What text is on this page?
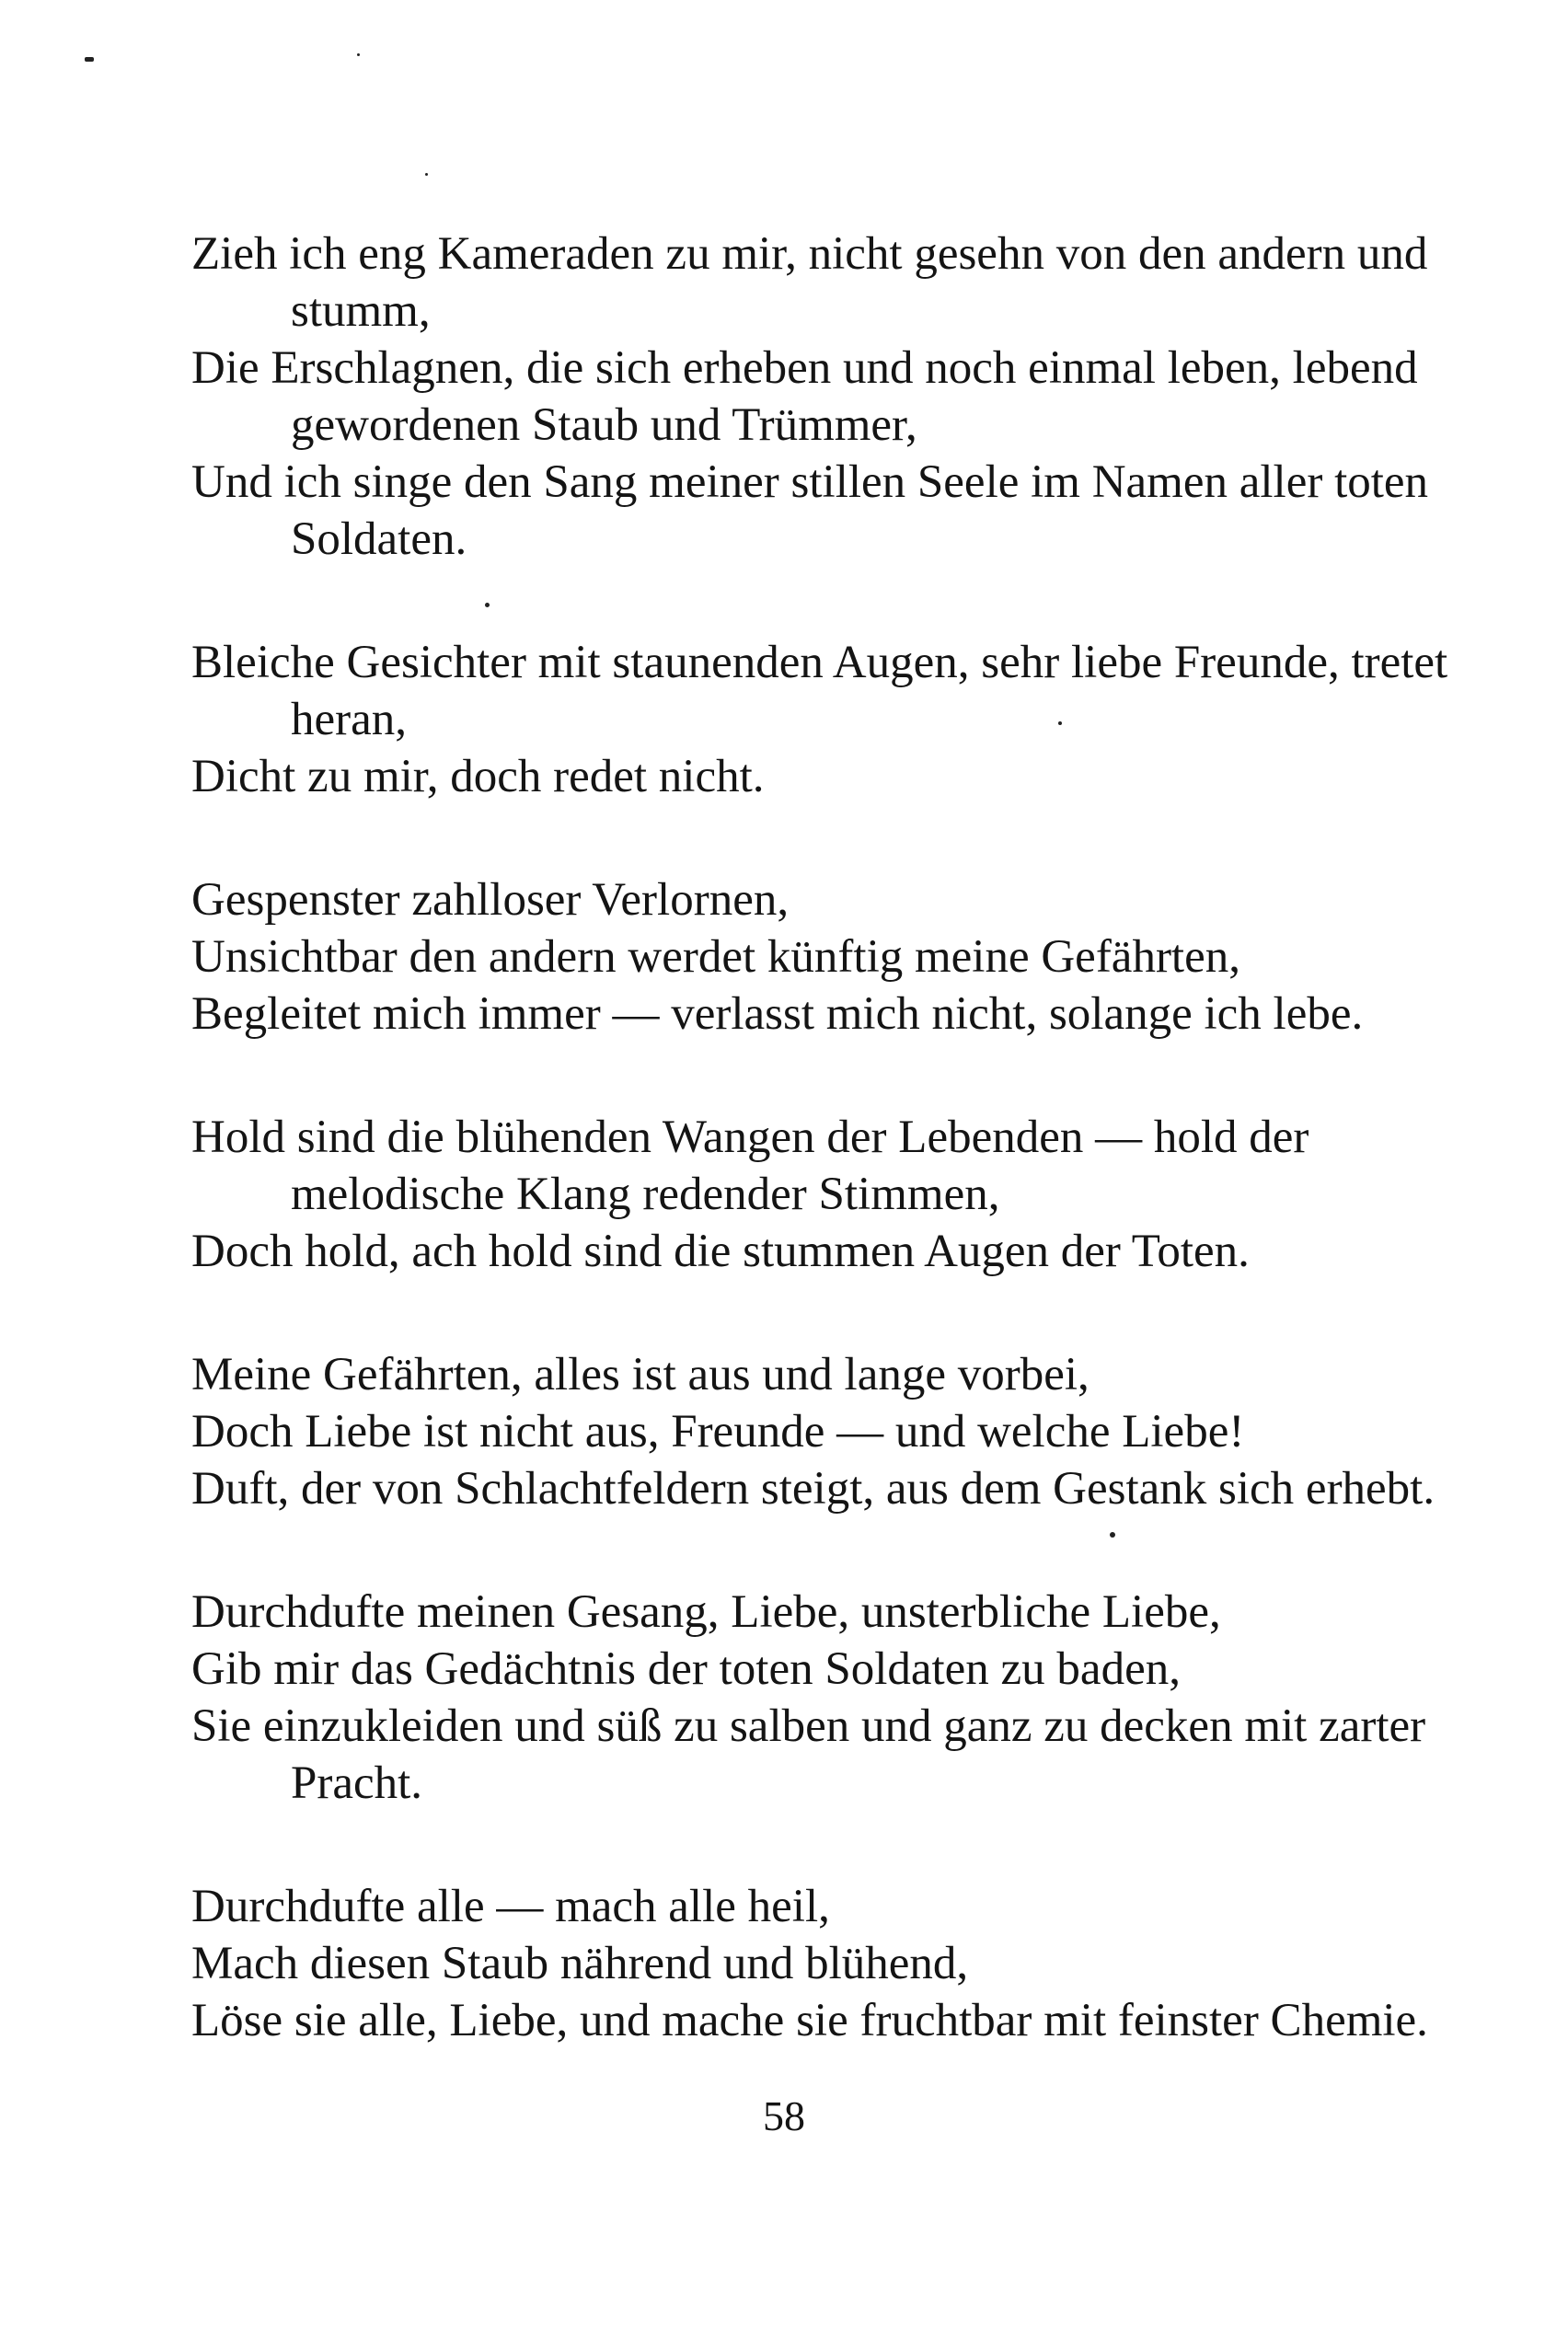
Zieh ich eng Kameraden zu mir, nicht gesehn von den andern und stumm,
Die Erschlagnen, die sich erheben und noch einmal leben, lebend gewordenen Staub und Trümmer,
Und ich singe den Sang meiner stillen Seele im Namen aller toten Soldaten.
Bleiche Gesichter mit staunenden Augen, sehr liebe Freunde, tretet heran,
Dicht zu mir, doch redet nicht.
Gespenster zahlloser Verlornen,
Unsichtbar den andern werdet künftig meine Gefährten,
Begleitet mich immer — verlasst mich nicht, solange ich lebe.
Hold sind die blühenden Wangen der Lebenden — hold der melodische Klang redender Stimmen,
Doch hold, ach hold sind die stummen Augen der Toten.
Meine Gefährten, alles ist aus und lange vorbei,
Doch Liebe ist nicht aus, Freunde — und welche Liebe!
Duft, der von Schlachtfeldern steigt, aus dem Gestank sich erhebt.
Durchdufte meinen Gesang, Liebe, unsterbliche Liebe,
Gib mir das Gedächtnis der toten Soldaten zu baden,
Sie einzukleiden und süß zu salben und ganz zu decken mit zarter Pracht.
Durchdufte alle — mach alle heil,
Mach diesen Staub nährend und blühend,
Löse sie alle, Liebe, und mache sie fruchtbar mit feinster Chemie.
58
